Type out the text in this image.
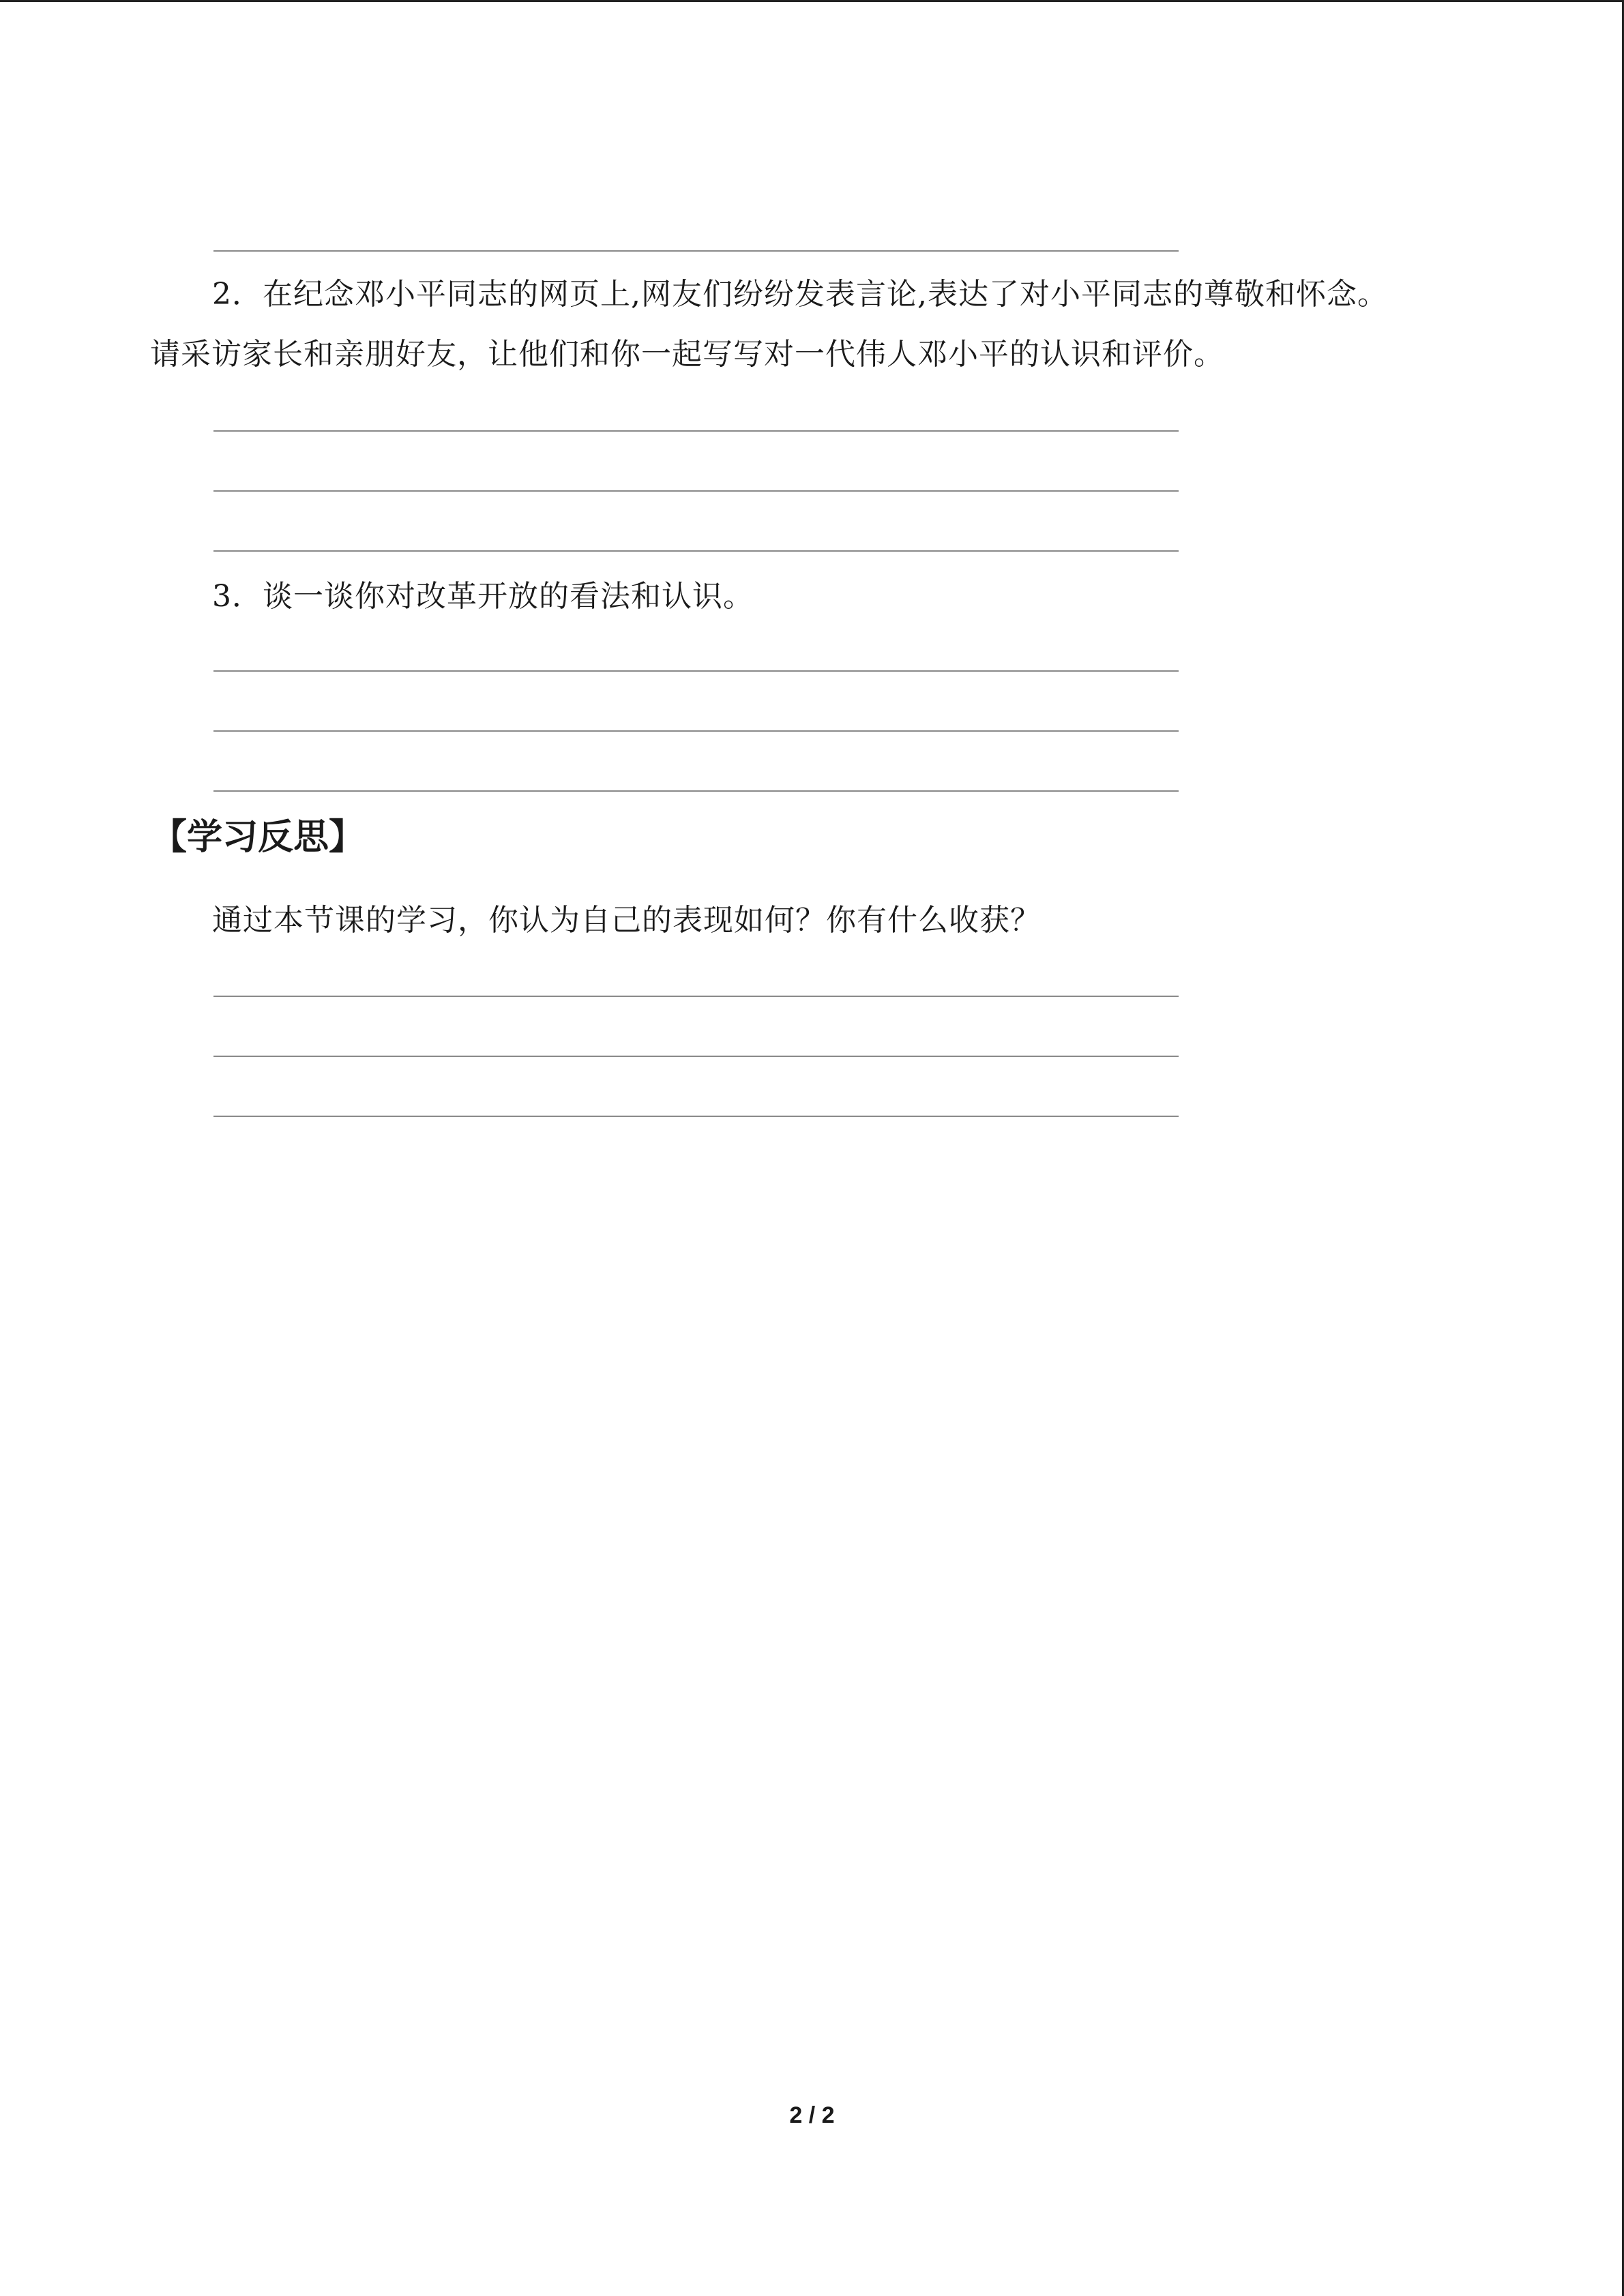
2．在纪念邓小平同志的网页上,网友们纷纷发表言论,表达了对小平同志的尊敬和怀念。
请采访家长和亲朋好友，让他们和你一起写写对一代伟人邓小平的认识和评价。
3．谈一谈你对改革开放的看法和认识。
【学习反思】
通过本节课的学习，你认为自己的表现如何？你有什么收获？
2 / 2
